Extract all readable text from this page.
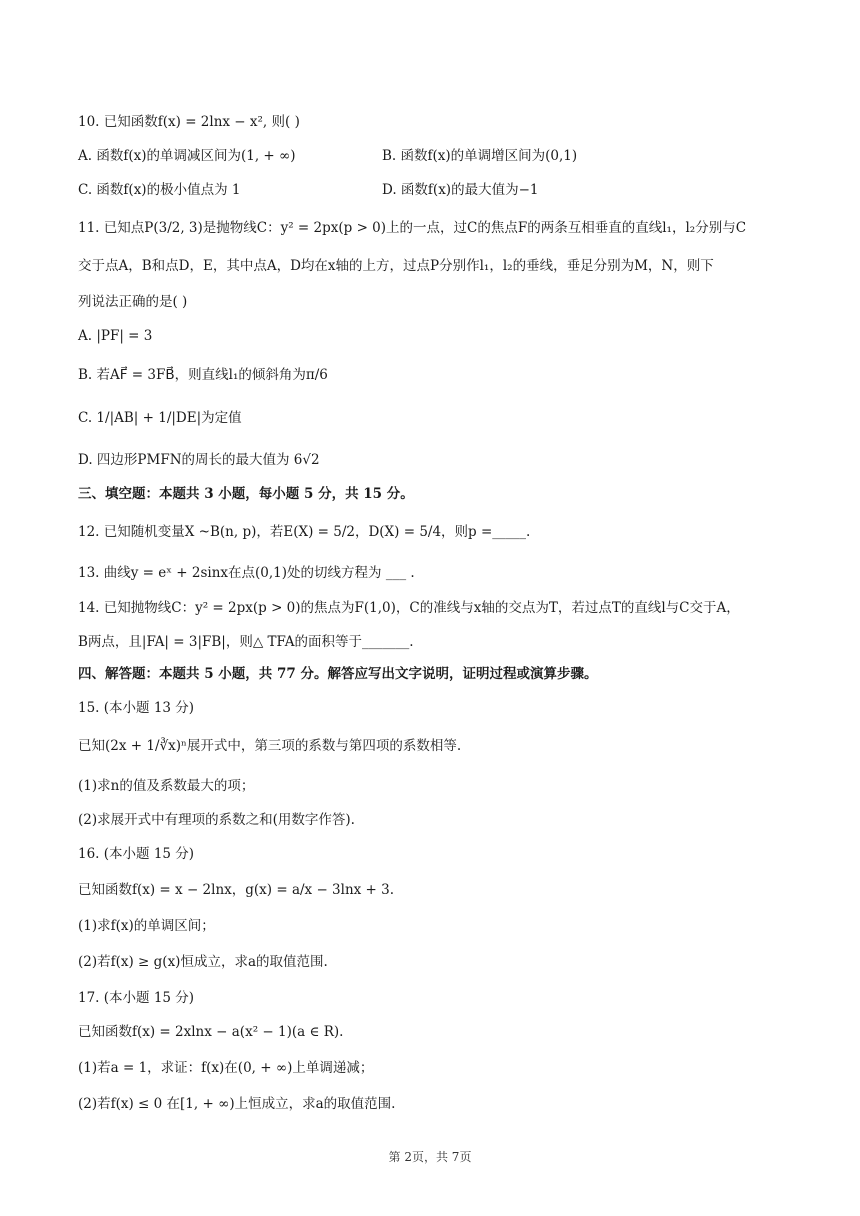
10. 已知函数f(x) = 2lnx − x², 则( )
A. 函数f(x)的单调减区间为(1, + ∞)	B. 函数f(x)的单调增区间为(0,1)
C. 函数f(x)的极小值点为 1	D. 函数f(x)的最大值为−1
11. 已知点P(3/2, 3)是抛物线C：y² = 2px(p > 0)上的一点，过C的焦点F的两条互相垂直的直线l₁，l₂分别与C
交于点A，B和点D，E，其中点A，D均在x轴的上方，过点P分别作l₁，l₂的垂线，垂足分别为M，N，则下
列说法正确的是( )
A. |PF| = 3
B. 若AF⃗ = 3FB⃗，则直线l₁的倾斜角为π/6
C. 1/|AB| + 1/|DE|为定值
D. 四边形PMFN的周长的最大值为 6√2
三、填空题：本题共 3 小题，每小题 5 分，共 15 分。
12. 已知随机变量X ~B(n, p)，若E(X) = 5/2，D(X) = 5/4，则p =_____.
13. 曲线y = eˣ + 2sinx在点(0,1)处的切线方程为 ___ .
14. 已知抛物线C：y² = 2px(p > 0)的焦点为F(1,0)，C的准线与x轴的交点为T，若过点T的直线l与C交于A，
B两点，且|FA| = 3|FB|，则△ TFA的面积等于_______.
四、解答题：本题共 5 小题，共 77 分。解答应写出文字说明，证明过程或演算步骤。
15. (本小题 13 分)
已知(2x + 1/∛x)ⁿ展开式中，第三项的系数与第四项的系数相等.
(1)求n的值及系数最大的项；
(2)求展开式中有理项的系数之和(用数字作答).
16. (本小题 15 分)
已知函数f(x) = x − 2lnx，g(x) = a/x − 3lnx + 3.
(1)求f(x)的单调区间；
(2)若f(x) ≥ g(x)恒成立，求a的取值范围.
17. (本小题 15 分)
已知函数f(x) = 2xlnx − a(x² − 1)(a ∈ R).
(1)若a = 1，求证：f(x)在(0, + ∞)上单调递减；
(2)若f(x) ≤ 0 在[1, + ∞)上恒成立，求a的取值范围.
第 2页，共 7页
